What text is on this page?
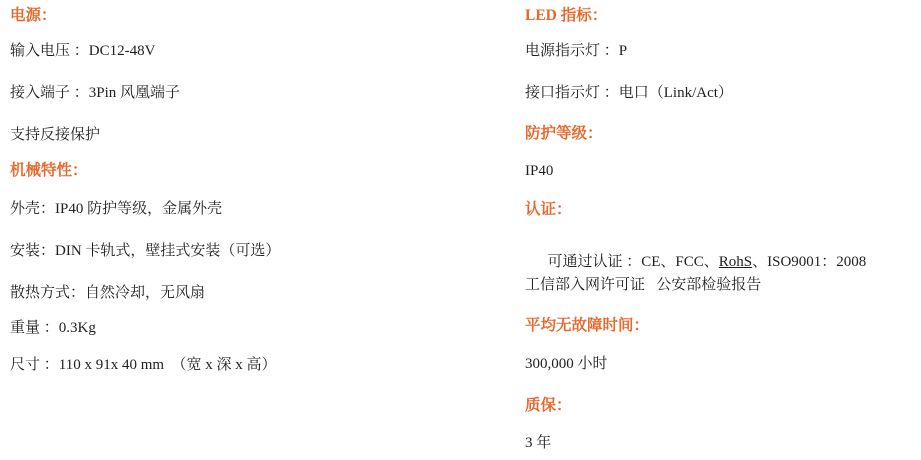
电源：
输入电压 ：DC12-48V
接入端子 ：3Pin 风凰端子
支持反接保护
机械特性：
外壳：IP40 防护等级，金属外壳
安装：DIN 卡轨式，壁挂式安装（可选）
散热方式：自然冷却，无风扇
重量 ：0.3Kg
尺寸 ：110 x 91x 40 mm  （宽 x 深 x 高）
LED 指标：
电源指示灯 ：P
接口指示灯 ：电口（Link/Act）
防护等级：
IP40
认证：

可通过认证 ：CE、FCC、RohS、ISO9001：2008

工信部入网许可证   公安部检验报告
平均无故障时间：
300,000 小时
质保：
3 年
